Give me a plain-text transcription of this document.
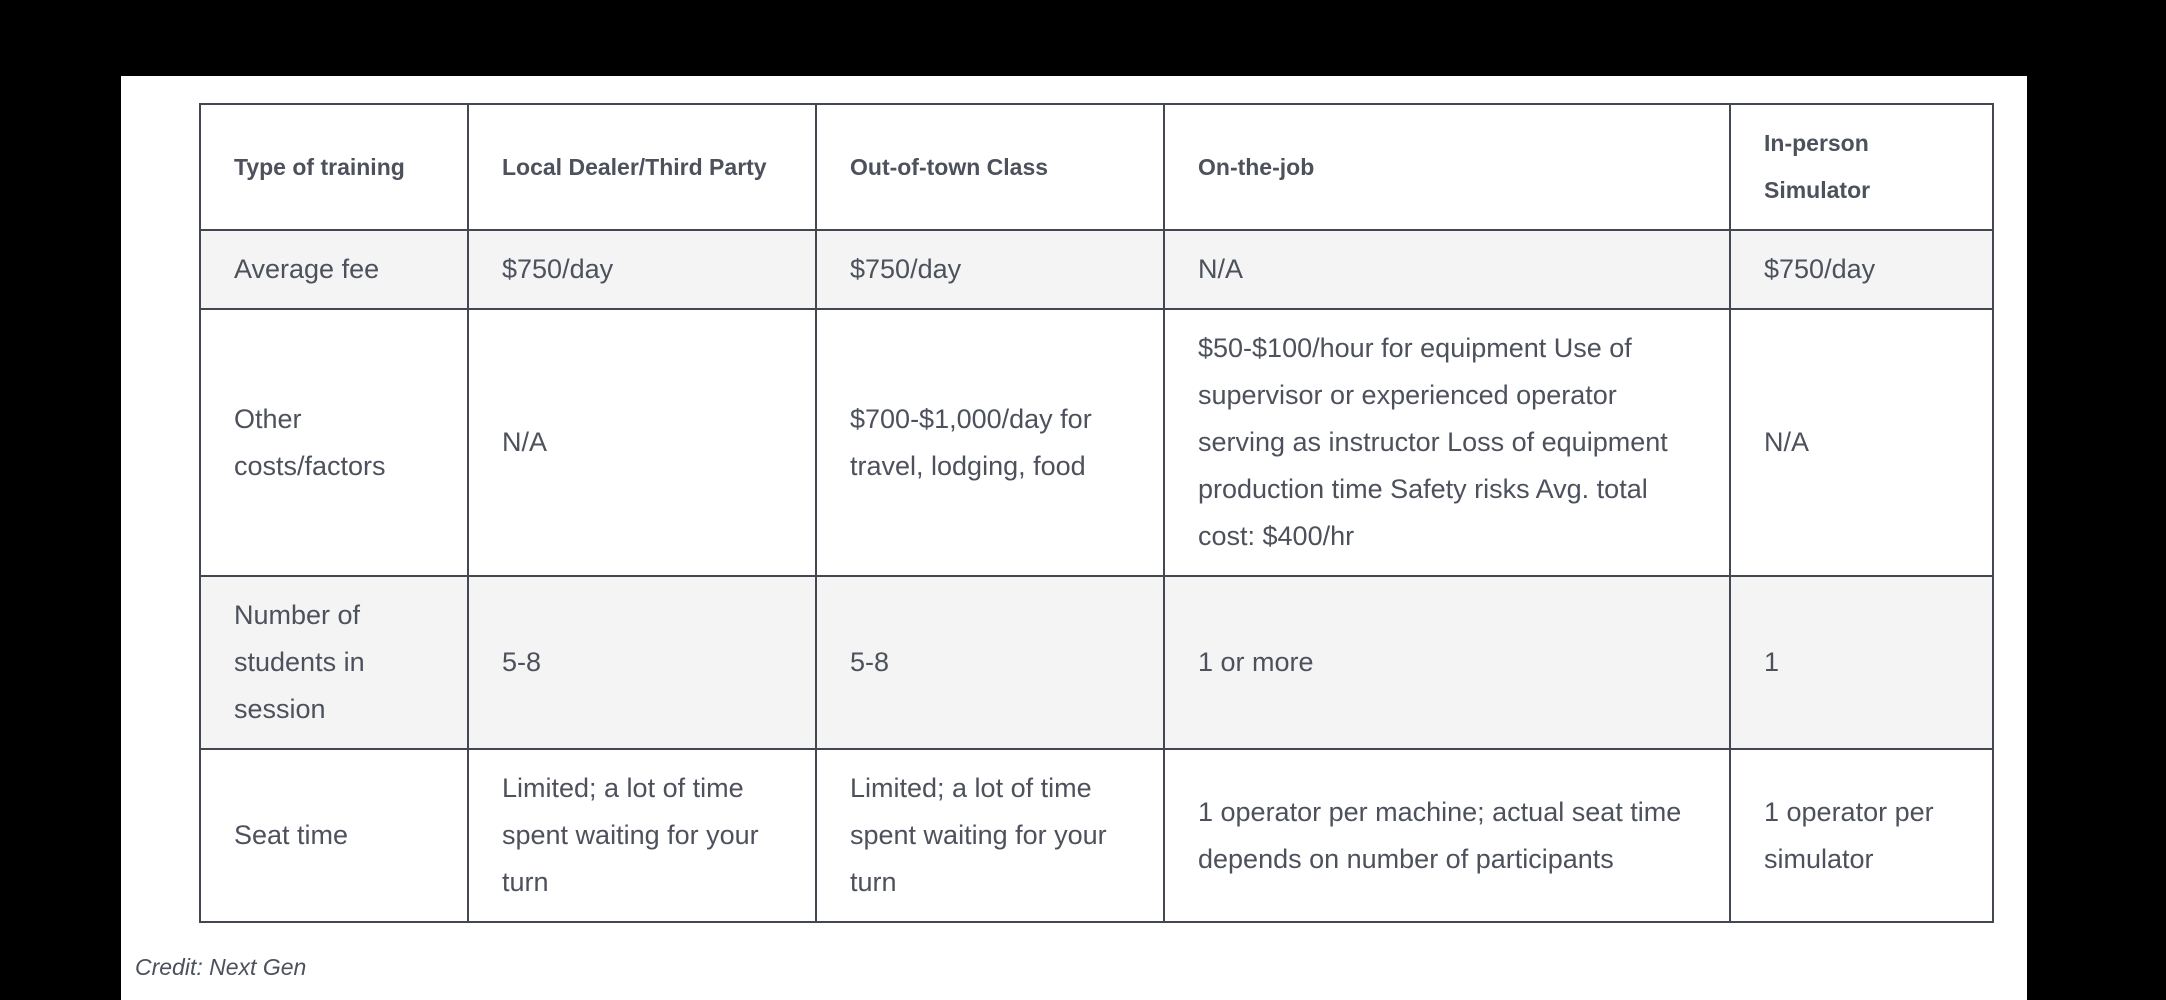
Type of training	Local Dealer/Third Party	Out-of-town Class	On-the-job	In-person Simulator
Average fee	$750/day	$750/day	N/A	$750/day
Other costs/factors	N/A	$700-$1,000/day for travel, lodging, food	$50-$100/hour for equipment Use of supervisor or experienced operator serving as instructor Loss of equipment production time Safety risks Avg. total cost: $400/hr	N/A
Number of students in session	5-8	5-8	1 or more	1
Seat time	Limited; a lot of time spent waiting for your turn	Limited; a lot of time spent waiting for your turn	1 operator per machine; actual seat time depends on number of participants	1 operator per simulator
Credit: Next Gen
